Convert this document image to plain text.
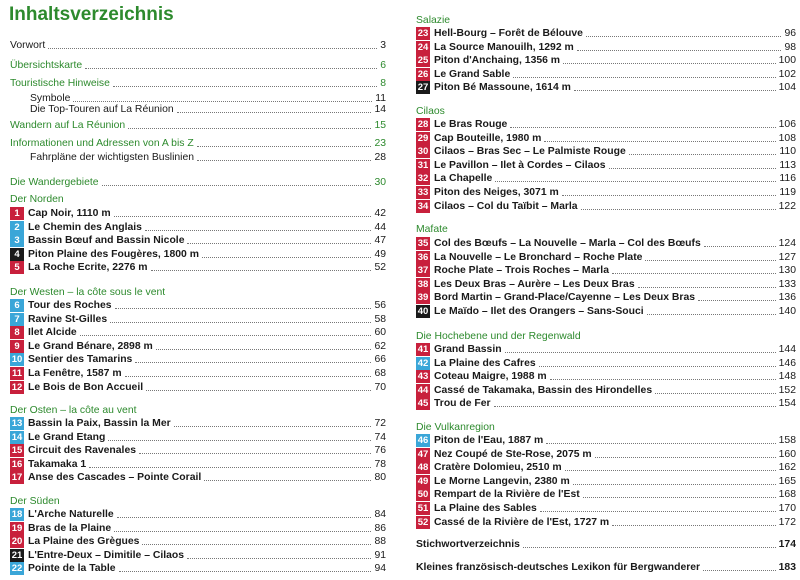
Inhaltsverzeichnis
Vorwort	3
Übersichtskarte	6
Touristische Hinweise	8
Symbole	11
Die Top-Touren auf La Réunion	14
Wandern auf La Réunion	15
Informationen und Adressen von A bis Z	23
Fahrpläne der wichtigsten Buslinien	28
Die Wandergebiete	30
Der Norden
1 Cap Noir, 1110 m	42
2 Le Chemin des Anglais	44
3 Bassin Bœuf and Bassin Nicole	47
4 Piton Plaine des Fougères, 1800 m	49
5 La Roche Ecrite, 2276 m	52
Der Westen – la côte sous le vent
6 Tour des Roches	56
7 Ravine St-Gilles	58
8 Ilet Alcide	60
9 Le Grand Bénare, 2898 m	62
10 Sentier des Tamarins	66
11 La Fenêtre, 1587 m	68
12 Le Bois de Bon Accueil	70
Der Osten – la côte au vent
13 Bassin la Paix, Bassin la Mer	72
14 Le Grand Etang	74
15 Circuit des Ravenales	76
16 Takamaka 1	78
17 Anse des Cascades – Pointe Corail	80
Der Süden
18 L'Arche Naturelle	84
19 Bras de la Plaine	86
20 La Plaine des Grègues	88
21 L'Entre-Deux – Dimitile – Cilaos	91
22 Pointe de la Table	94
Salazie
23 Hell-Bourg – Forêt de Bélouve	96
24 La Source Manouilh, 1292 m	98
25 Piton d'Anchaing, 1356 m	100
26 Le Grand Sable	102
27 Piton Bé Massoune, 1614 m	104
Cilaos
28 Le Bras Rouge	106
29 Cap Bouteille, 1980 m	108
30 Cilaos – Bras Sec – Le Palmiste Rouge	110
31 Le Pavillon – Ilet à Cordes – Cilaos	113
32 La Chapelle	116
33 Piton des Neiges, 3071 m	119
34 Cilaos – Col du Taïbit – Marla	122
Mafate
35 Col des Bœufs – La Nouvelle – Marla – Col des Bœufs	124
36 La Nouvelle – Le Bronchard – Roche Plate	127
37 Roche Plate – Trois Roches – Marla	130
38 Les Deux Bras – Aurère – Les Deux Bras	133
39 Bord Martin – Grand-Place/Cayenne – Les Deux Bras	136
40 Le Maïdo – Ilet des Orangers – Sans-Souci	140
Die Hochebene und der Regenwald
41 Grand Bassin	144
42 La Plaine des Cafres	146
43 Coteau Maigre, 1988 m	148
44 Cassé de Takamaka, Bassin des Hirondelles	152
45 Trou de Fer	154
Die Vulkanregion
46 Piton de l'Eau, 1887 m	158
47 Nez Coupé de Ste-Rose, 2075 m	160
48 Cratère Dolomieu, 2510 m	162
49 Le Morne Langevin, 2380 m	165
50 Rempart de la Rivière de l'Est	168
51 La Plaine des Sables	170
52 Cassé de la Rivière de l'Est, 1727 m	172
Stichwortverzeichnis	174
Kleines französisch-deutsches Lexikon für Bergwanderer	183
